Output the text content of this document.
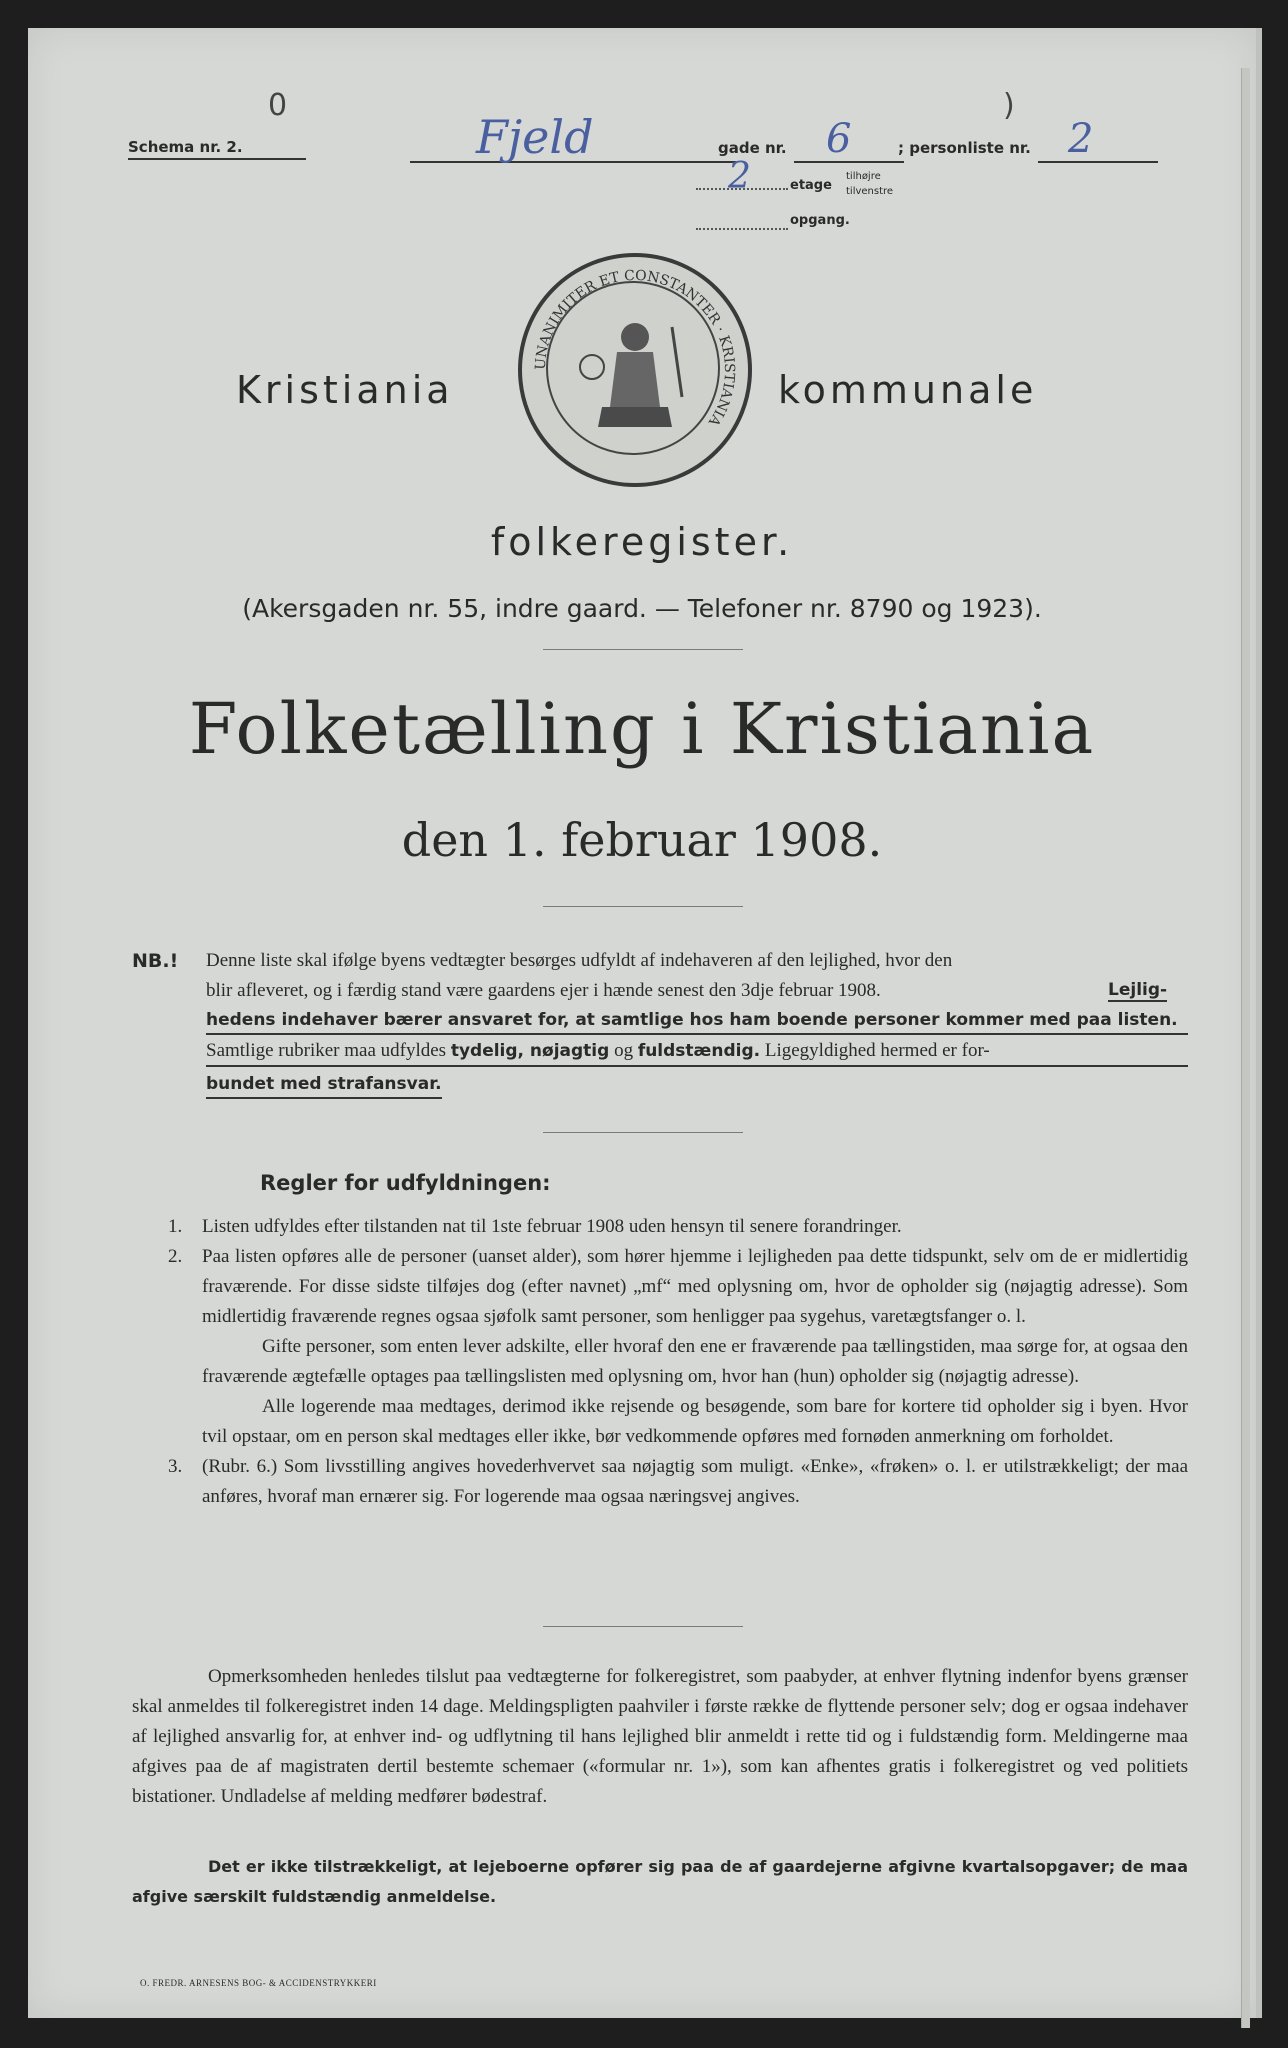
0	)
Schema nr. 2.	Fjeld	gade nr. 6	; personliste nr. 2
2	etage
tilhøjre
tilvenstre
opgang.
UNANIMITER ET CONSTANTER · KRISTIANIA
Kristiania	kommunale
folkeregister.
(Akersgaden nr. 55, indre gaard. — Telefoner nr. 8790 og 1923).
Folketælling i Kristiania
den 1. februar 1908.
NB.! Denne liste skal ifølge byens vedtægter besørges udfyldt af indehaveren af den lejlighed, hvor den
blir afleveret, og i færdig stand være gaardens ejer i hænde senest den 3dje februar 1908.	Lejlig-
hedens indehaver bærer ansvaret for, at samtlige hos ham boende personer kommer med paa listen.
Samtlige rubriker maa udfyldes tydelig, nøjagtig og fuldstændig. Ligegyldighed hermed er for-
bundet med strafansvar.
Regler for udfyldningen:
1.	Listen udfyldes efter tilstanden nat til 1ste februar 1908 uden hensyn til senere forandringer.
2.	Paa listen opføres alle de personer (uanset alder), som hører hjemme i lejligheden paa dette tidspunkt, selv om de er midlertidig fraværende. For disse sidste tilføjes dog (efter navnet) „mf“ med oplysning om, hvor de opholder sig (nøjagtig adresse). Som midlertidig fraværende regnes ogsaa sjøfolk samt personer, som henligger paa sygehus, varetægtsfanger o. l.
Gifte personer, som enten lever adskilte, eller hvoraf den ene er fraværende paa tællingstiden, maa sørge for, at ogsaa den fraværende ægtefælle optages paa tællingslisten med oplysning om, hvor han (hun) opholder sig (nøjagtig adresse).
Alle logerende maa medtages, derimod ikke rejsende og besøgende, som bare for kortere tid opholder sig i byen. Hvor tvil opstaar, om en person skal medtages eller ikke, bør vedkommende opføres med fornøden anmerkning om forholdet.
3.	(Rubr. 6.) Som livsstilling angives hovederhvervet saa nøjagtig som muligt. «Enke», «frøken» o. l. er utilstrækkeligt; der maa anføres, hvoraf man ernærer sig. For logerende maa ogsaa næringsvej angives.
Opmerksomheden henledes tilslut paa vedtægterne for folkeregistret, som paabyder, at enhver flytning indenfor byens grænser skal anmeldes til folkeregistret inden 14 dage. Meldingspligten paahviler i første række de flyttende personer selv; dog er ogsaa indehaver af lejlighed ansvarlig for, at enhver ind- og udflytning til hans lejlighed blir anmeldt i rette tid og i fuldstændig form. Meldingerne maa afgives paa de af magistraten dertil bestemte schemaer («formular nr. 1»), som kan afhentes gratis i folkeregistret og ved politiets bistationer. Undladelse af melding medfører bødestraf.
Det er ikke tilstrækkeligt, at lejeboerne opfører sig paa de af gaardejerne afgivne kvartalsopgaver; de maa afgive særskilt fuldstændig anmeldelse.
O. FREDR. ARNESENS BOG- & ACCIDENSTRYKKERI
